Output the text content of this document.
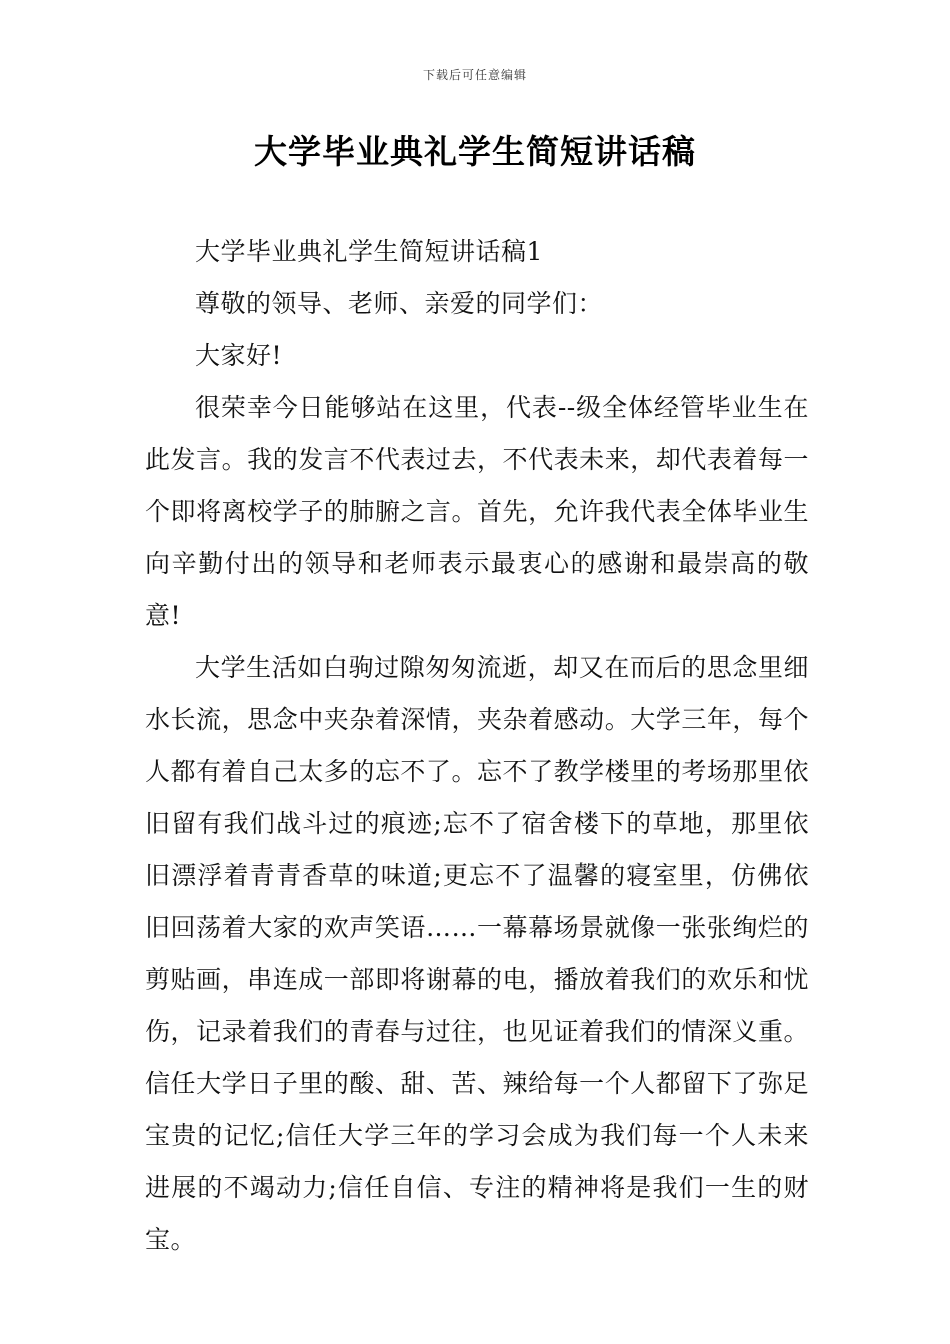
下载后可任意编辑
大学毕业典礼学生简短讲话稿

大学毕业典礼学生简短讲话稿1

尊敬的领导、老师、亲爱的同学们：

大家好!

很荣幸今日能够站在这里，代表--级全体经管毕业生在此发言。我的发言不代表过去，不代表未来，却代表着每一个即将离校学子的肺腑之言。首先，允许我代表全体毕业生向辛勤付出的领导和老师表示最衷心的感谢和最崇高的敬意!

大学生活如白驹过隙匆匆流逝，却又在而后的思念里细水长流，思念中夹杂着深情，夹杂着感动。大学三年，每个人都有着自己太多的忘不了。忘不了教学楼里的考场那里依旧留有我们战斗过的痕迹;忘不了宿舍楼下的草地，那里依旧漂浮着青青香草的味道;更忘不了温馨的寝室里，仿佛依旧回荡着大家的欢声笑语……一幕幕场景就像一张张绚烂的剪贴画，串连成一部即将谢幕的电，播放着我们的欢乐和忧伤，记录着我们的青春与过往，也见证着我们的情深义重。信任大学日子里的酸、甜、苦、辣给每一个人都留下了弥足宝贵的记忆;信任大学三年的学习会成为我们每一个人未来进展的不竭动力;信任自信、专注的精神将是我们一生的财宝。
